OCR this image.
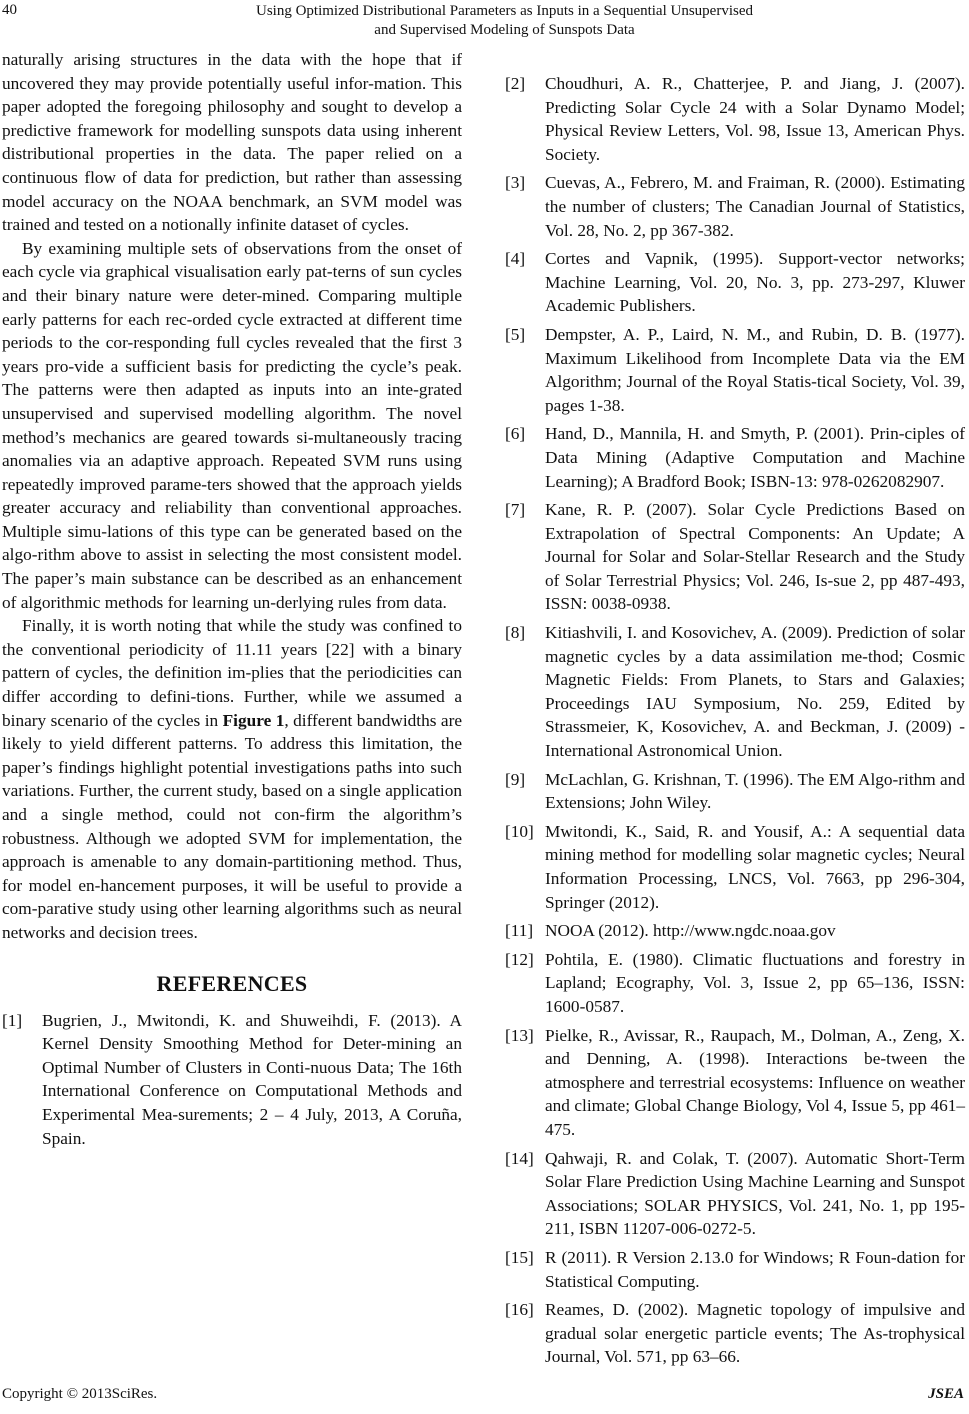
40	Using Optimized Distributional Parameters as Inputs in a Sequential Unsupervised
and Supervised Modeling of Sunspots Data

naturally arising structures in the data with the hope that if uncovered they may provide potentially useful infor-mation. This paper adopted the foregoing philosophy and sought to develop a predictive framework for modelling sunspots data using inherent distributional properties in the data. The paper relied on a continuous flow of data for prediction, but rather than assessing model accuracy on the NOAA benchmark, an SVM model was trained and tested on a notionally infinite dataset of cycles.

By examining multiple sets of observations from the onset of each cycle via graphical visualisation early pat-terns of sun cycles and their binary nature were deter-mined. Comparing multiple early patterns for each rec-orded cycle extracted at different time periods to the cor-responding full cycles revealed that the first 3 years pro-vide a sufficient basis for predicting the cycle’s peak. The patterns were then adapted as inputs into an inte-grated unsupervised and supervised modelling algorithm. The novel method’s mechanics are geared towards si-multaneously tracing anomalies via an adaptive approach. Repeated SVM runs using repeatedly improved parame-ters showed that the approach yields greater accuracy and reliability than conventional approaches. Multiple simu-lations of this type can be generated based on the algo-rithm above to assist in selecting the most consistent model. The paper’s main substance can be described as an enhancement of algorithmic methods for learning un-derlying rules from data.

Finally, it is worth noting that while the study was confined to the conventional periodicity of 11.11 years [22] with a binary pattern of cycles, the definition im-plies that the periodicities can differ according to defini-tions. Further, while we assumed a binary scenario of the cycles in Figure 1, different bandwidths are likely to yield different patterns. To address this limitation, the paper’s findings highlight potential investigations paths into such variations. Further, the current study, based on a single application and a single method, could not con-firm the algorithm’s robustness. Although we adopted SVM for implementation, the approach is amenable to any domain-partitioning method. Thus, for model en-hancement purposes, it will be useful to provide a com-parative study using other learning algorithms such as neural networks and decision trees.

REFERENCES
[1] Bugrien, J., Mwitondi, K. and Shuweihdi, F. (2013). A Kernel Density Smoothing Method for Deter-mining an Optimal Number of Clusters in Conti-nuous Data; The 16th International Conference on Computational Methods and Experimental Mea-surements; 2 – 4 July, 2013, A Coruña, Spain.
[2] Choudhuri, A. R., Chatterjee, P. and Jiang, J. (2007). Predicting Solar Cycle 24 with a Solar Dynamo Model; Physical Review Letters, Vol. 98, Issue 13, American Phys. Society.
[3] Cuevas, A., Febrero, M. and Fraiman, R. (2000). Estimating the number of clusters; The Canadian Journal of Statistics, Vol. 28, No. 2, pp 367-382.
[4] Cortes and Vapnik, (1995). Support-vector networks; Machine Learning, Vol. 20, No. 3, pp. 273-297, Kluwer Academic Publishers.
[5] Dempster, A. P., Laird, N. M., and Rubin, D. B. (1977). Maximum Likelihood from Incomplete Data via the EM Algorithm; Journal of the Royal Statis-tical Society, Vol. 39, pages 1-38.
[6] Hand, D., Mannila, H. and Smyth, P. (2001). Prin-ciples of Data Mining (Adaptive Computation and Machine Learning); A Bradford Book; ISBN-13: 978-0262082907.
[7] Kane, R. P. (2007). Solar Cycle Predictions Based on Extrapolation of Spectral Components: An Update; A Journal for Solar and Solar-Stellar Research and the Study of Solar Terrestrial Physics; Vol. 246, Is-sue 2, pp 487-493, ISSN: 0038-0938.
[8] Kitiashvili, I. and Kosovichev, A. (2009). Prediction of solar magnetic cycles by a data assimilation me-thod; Cosmic Magnetic Fields: From Planets, to Stars and Galaxies; Proceedings IAU Symposium, No. 259, Edited by Strassmeier, K, Kosovichev, A. and Beckman, J. (2009) - International Astronomical Union.
[9] McLachlan, G. Krishnan, T. (1996). The EM Algo-rithm and Extensions; John Wiley.
[10] Mwitondi, K., Said, R. and Yousif, A.: A sequential data mining method for modelling solar magnetic cycles; Neural Information Processing, LNCS, Vol. 7663, pp 296-304, Springer (2012).
[11] NOOA (2012). http://www.ngdc.noaa.gov
[12] Pohtila, E. (1980). Climatic fluctuations and forestry in Lapland; Ecography, Vol. 3, Issue 2, pp 65–136, ISSN: 1600-0587.
[13] Pielke, R., Avissar, R., Raupach, M., Dolman, A., Zeng, X. and Denning, A. (1998). Interactions be-tween the atmosphere and terrestrial ecosystems: Influence on weather and climate; Global Change Biology, Vol 4, Issue 5, pp 461–475.
[14] Qahwaji, R. and Colak, T. (2007). Automatic Short-Term Solar Flare Prediction Using Machine Learning and Sunspot Associations; SOLAR PHYSICS, Vol. 241, No. 1, pp 195-211, ISBN 11207-006-0272-5.
[15] R (2011). R Version 2.13.0 for Windows; R Foun-dation for Statistical Computing.
[16] Reames, D. (2002). Magnetic topology of impulsive and gradual solar energetic particle events; The As-trophysical Journal, Vol. 571, pp 63–66.
Copyright © 2013SciRes.	JSEA
